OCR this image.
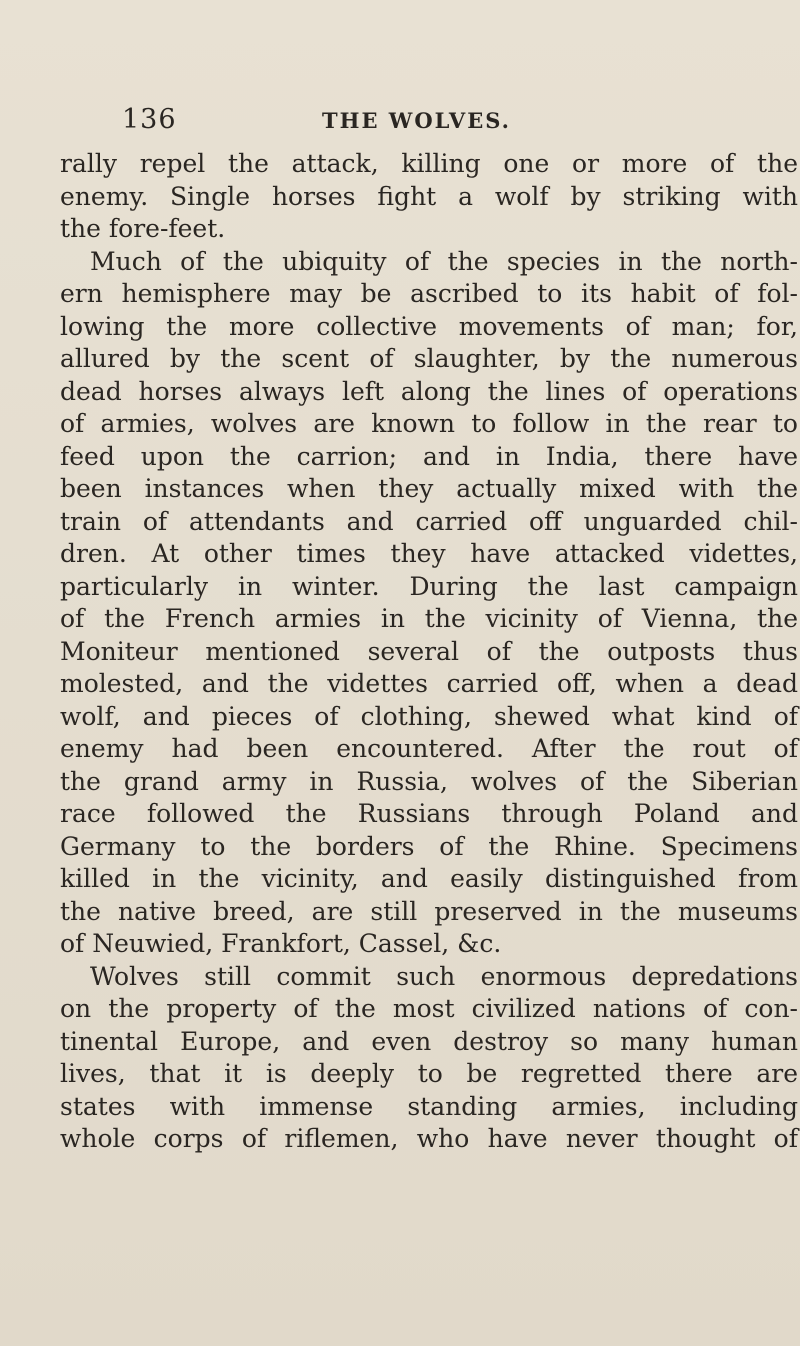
136	THE WOLVES.
rally repel the attack, killing one or more of the
enemy. Single horses fight a wolf by striking with
the fore-feet.
Much of the ubiquity of the species in the north-
ern hemisphere may be ascribed to its habit of fol-
lowing the more collective movements of man; for,
allured by the scent of slaughter, by the numerous
dead horses always left along the lines of operations
of armies, wolves are known to follow in the rear to
feed upon the carrion; and in India, there have
been instances when they actually mixed with the
train of attendants and carried off unguarded chil-
dren. At other times they have attacked videttes,
particularly in winter. During the last campaign
of the French armies in the vicinity of Vienna, the
Moniteur mentioned several of the outposts thus
molested, and the videttes carried off, when a dead
wolf, and pieces of clothing, shewed what kind of
enemy had been encountered. After the rout of
the grand army in Russia, wolves of the Siberian
race followed the Russians through Poland and
Germany to the borders of the Rhine. Specimens
killed in the vicinity, and easily distinguished from
the native breed, are still preserved in the museums
of Neuwied, Frankfort, Cassel, &c.
Wolves still commit such enormous depredations
on the property of the most civilized nations of con-
tinental Europe, and even destroy so many human
lives, that it is deeply to be regretted there are
states with immense standing armies, including
whole corps of riflemen, who have never thought of
